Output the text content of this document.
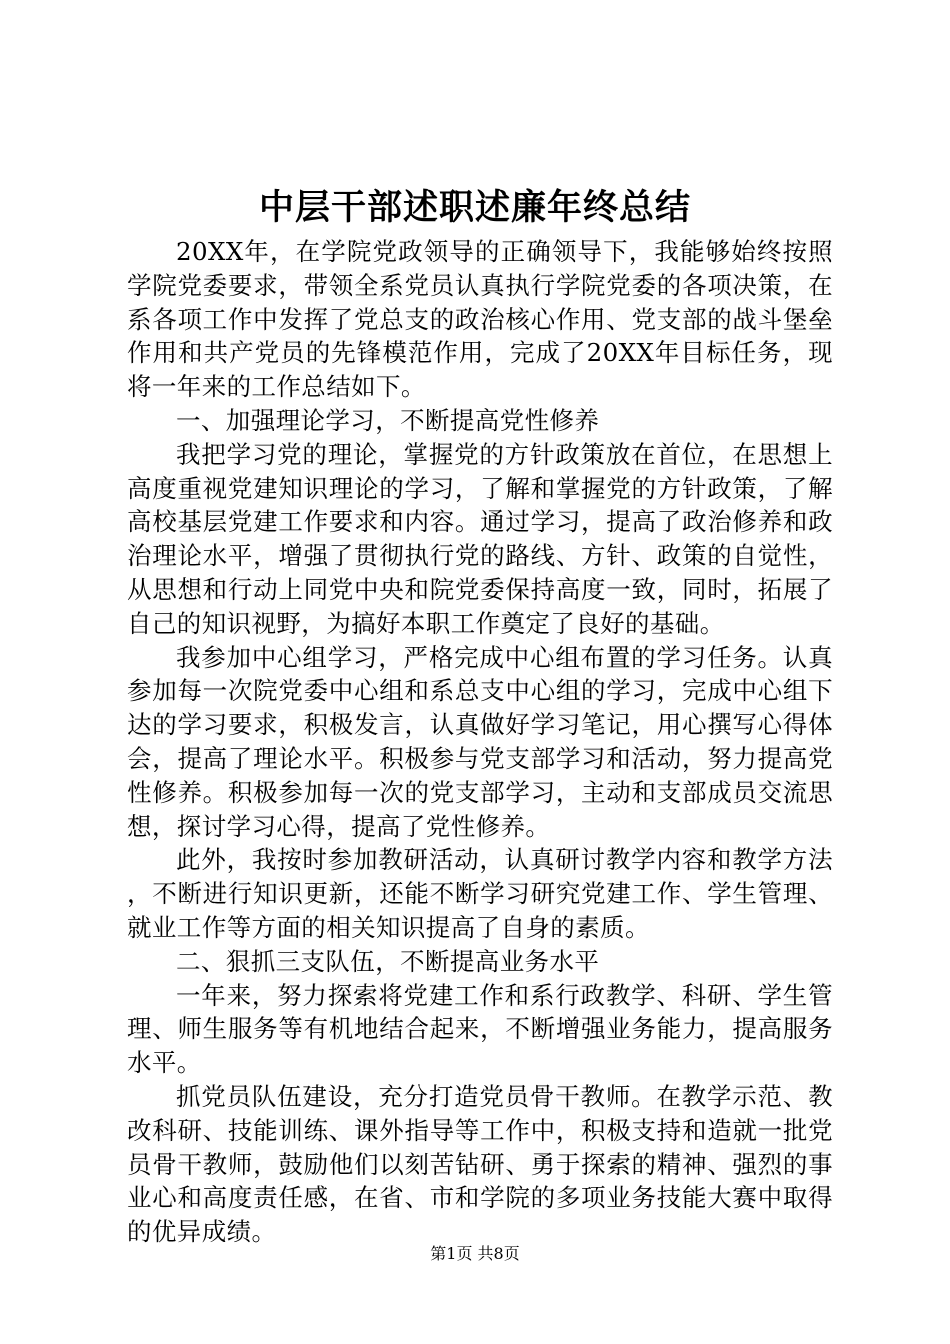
中层干部述职述廉年终总结

20XX年，在学院党政领导的正确领导下，我能够始终按照学院党委要求，带领全系党员认真执行学院党委的各项决策，在系各项工作中发挥了党总支的政治核心作用、党支部的战斗堡垒作用和共产党员的先锋模范作用，完成了20XX年目标任务，现将一年来的工作总结如下。

一、加强理论学习，不断提高党性修养

我把学习党的理论，掌握党的方针政策放在首位，在思想上高度重视党建知识理论的学习，了解和掌握党的方针政策，了解高校基层党建工作要求和内容。通过学习，提高了政治修养和政治理论水平，增强了贯彻执行党的路线、方针、政策的自觉性，从思想和行动上同党中央和院党委保持高度一致，同时，拓展了自己的知识视野，为搞好本职工作奠定了良好的基础。

我参加中心组学习，严格完成中心组布置的学习任务。认真参加每一次院党委中心组和系总支中心组的学习，完成中心组下达的学习要求，积极发言，认真做好学习笔记，用心撰写心得体会，提高了理论水平。积极参与党支部学习和活动，努力提高党性修养。积极参加每一次的党支部学习，主动和支部成员交流思想，探讨学习心得，提高了党性修养。

此外，我按时参加教研活动，认真研讨教学内容和教学方法，不断进行知识更新，还能不断学习研究党建工作、学生管理、就业工作等方面的相关知识提高了自身的素质。

二、狠抓三支队伍，不断提高业务水平

一年来，努力探索将党建工作和系行政教学、科研、学生管理、师生服务等有机地结合起来，不断增强业务能力，提高服务水平。

抓党员队伍建设，充分打造党员骨干教师。在教学示范、教改科研、技能训练、课外指导等工作中，积极支持和造就一批党员骨干教师，鼓励他们以刻苦钻研、勇于探索的精神、强烈的事业心和高度责任感，在省、市和学院的多项业务技能大赛中取得的优异成绩。

第1页 共8页
